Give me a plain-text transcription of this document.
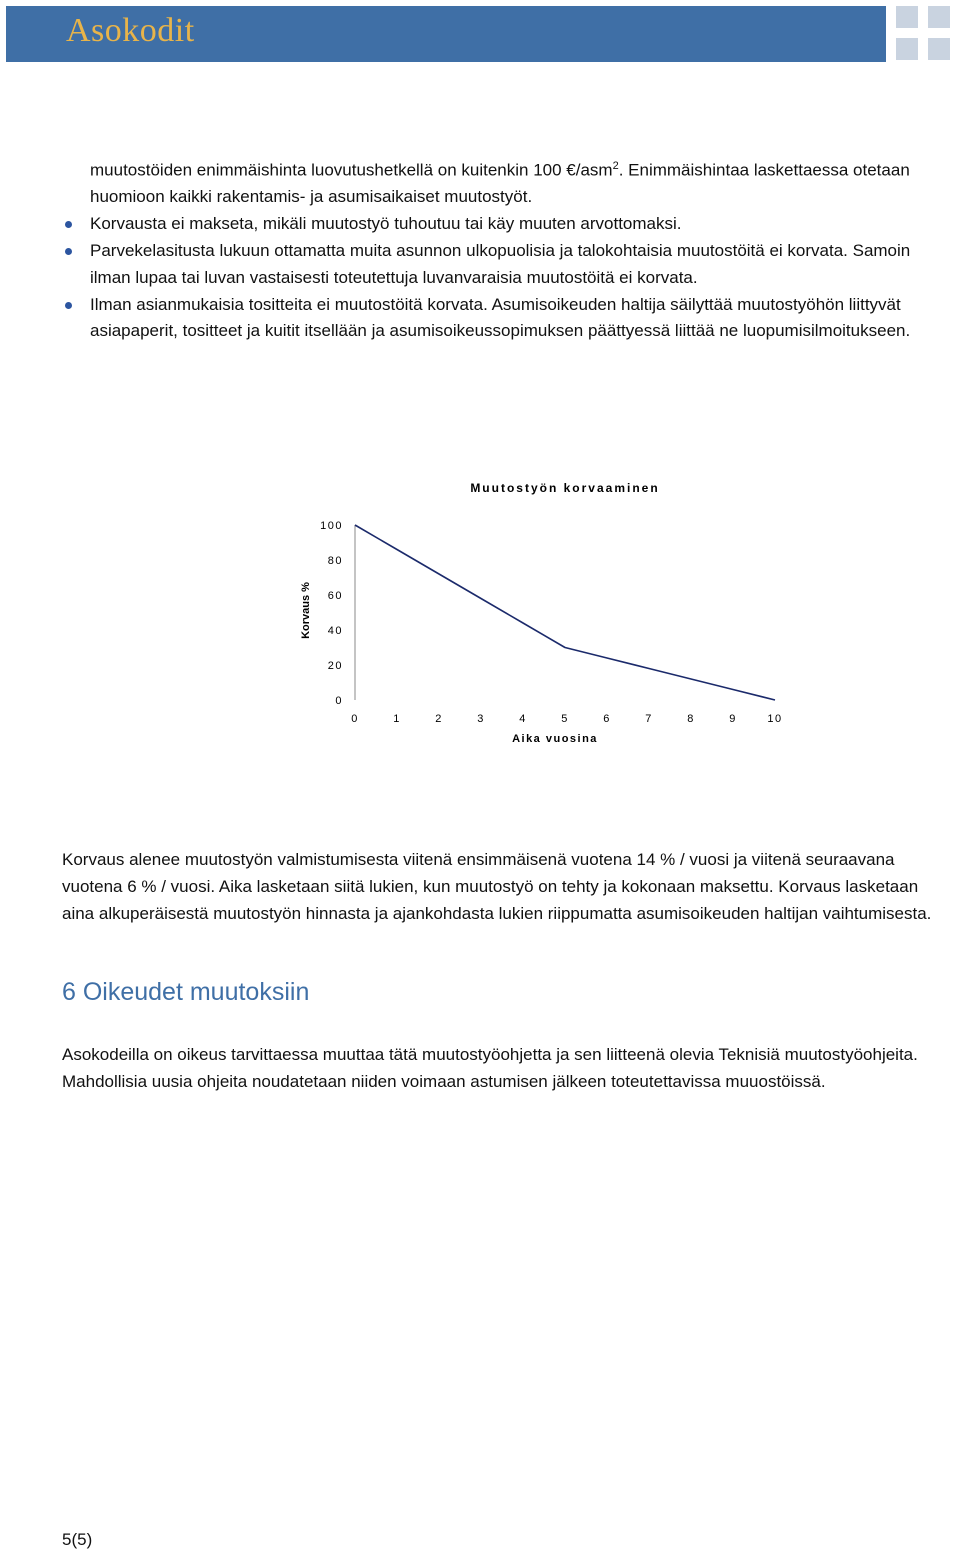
Asokodit

muutostöiden enimmäishinta luovutushetkellä on kuitenkin 100 €/asm$^2$. Enimmäishintaa laskettaessa otetaan huomioon kaikki rakentamis- ja asumisaikaiset muutostyöt.

Korvausta ei makseta, mikäli muutostyö tuhoutuu tai käy muuten arvottomaksi.
Parvekelasitusta lukuun ottamatta muita asunnon ulkopuolisia ja talokohtaisia muutostöitä ei korvata. Samoin ilman lupaa tai luvan vastaisesti toteutettuja luvanvaraisia muutostöitä ei korvata.
Ilman asianmukaisia tositteita ei muutostöitä korvata. Asumisoikeuden haltija säilyttää muutostyöhön liittyvät asiapaperit, tositteet ja kuitit itsellään ja asumisoikeussopimuksen päättyessä liittää ne luopumisilmoitukseen.
Muutostyön korvaaminen
0
20
40
60
80
100
0	1	2	3	4	5	6	7	8	9	10
Aika vuosina
Korvaus %
Korvaus alenee muutostyön valmistumisesta viitenä ensimmäisenä vuotena 14 % / vuosi ja viitenä seuraavana vuotena 6 % / vuosi. Aika lasketaan siitä lukien, kun muutostyö on tehty ja kokonaan maksettu. Korvaus lasketaan aina alkuperäisestä muutostyön hinnasta ja ajankohdasta lukien riippumatta asumisoikeuden haltijan vaihtumisesta.
6 Oikeudet muutoksiin
Asokodeilla on oikeus tarvittaessa muuttaa tätä muutostyöohjetta ja sen liitteenä olevia Teknisiä muutostyöohjeita. Mahdollisia uusia ohjeita noudatetaan niiden voimaan astumisen jälkeen toteutettavissa muuostöissä.
5(5)
